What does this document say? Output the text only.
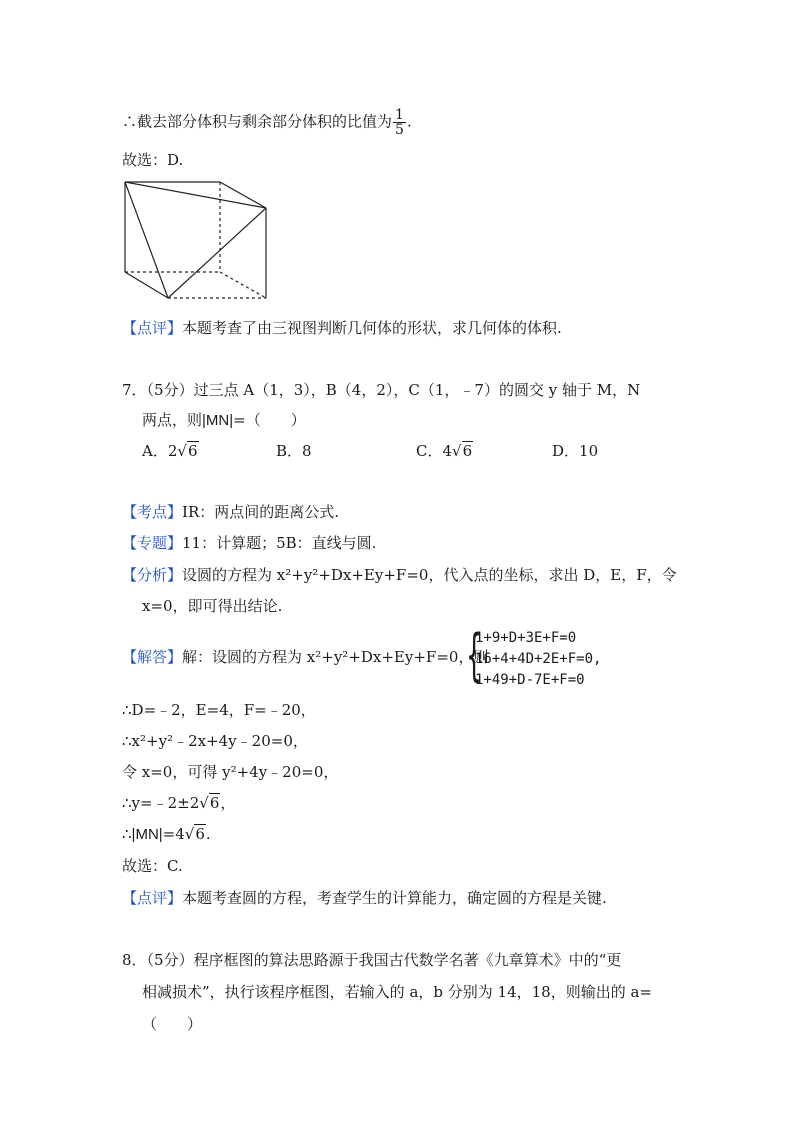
∴截去部分体积与剩余部分体积的比值为 $\frac{1}{5}$ .
故选：D.
【点评】本题考查了由三视图判断几何体的形状，求几何体的体积.
7．（5分）过三点 A（1，3），B（4，2），C（1，﹣7）的圆交 y 轴于 M，N
两点，则|MN|=（　　）
A．2√6	B．8	C．4√6	D．10
【考点】IR：两点间的距离公式.
【专题】11：计算题；5B：直线与圆.
【分析】设圆的方程为 x²+y²+Dx+Ey+F=0，代入点的坐标，求出 D，E，F，令
x=0，即可得出结论.
【解答】解：设圆的方程为 x²+y²+Dx+Ey+F=0，则
{
1+9+D+3E+F=0
16+4+4D+2E+F=0,
1+49+D-7E+F=0
∴D=﹣2，E=4，F=﹣20，
∴x²+y²﹣2x+4y﹣20=0，
令 x=0，可得 y²+4y﹣20=0，
∴y=﹣2±2√6，
∴|MN|=4√6.
故选：C.
【点评】本题考查圆的方程，考查学生的计算能力，确定圆的方程是关键.
8．（5分）程序框图的算法思路源于我国古代数学名著《九章算术》中的“更
相减损术”，执行该程序框图，若输入的 a，b 分别为 14，18，则输出的 a=
（　　）
